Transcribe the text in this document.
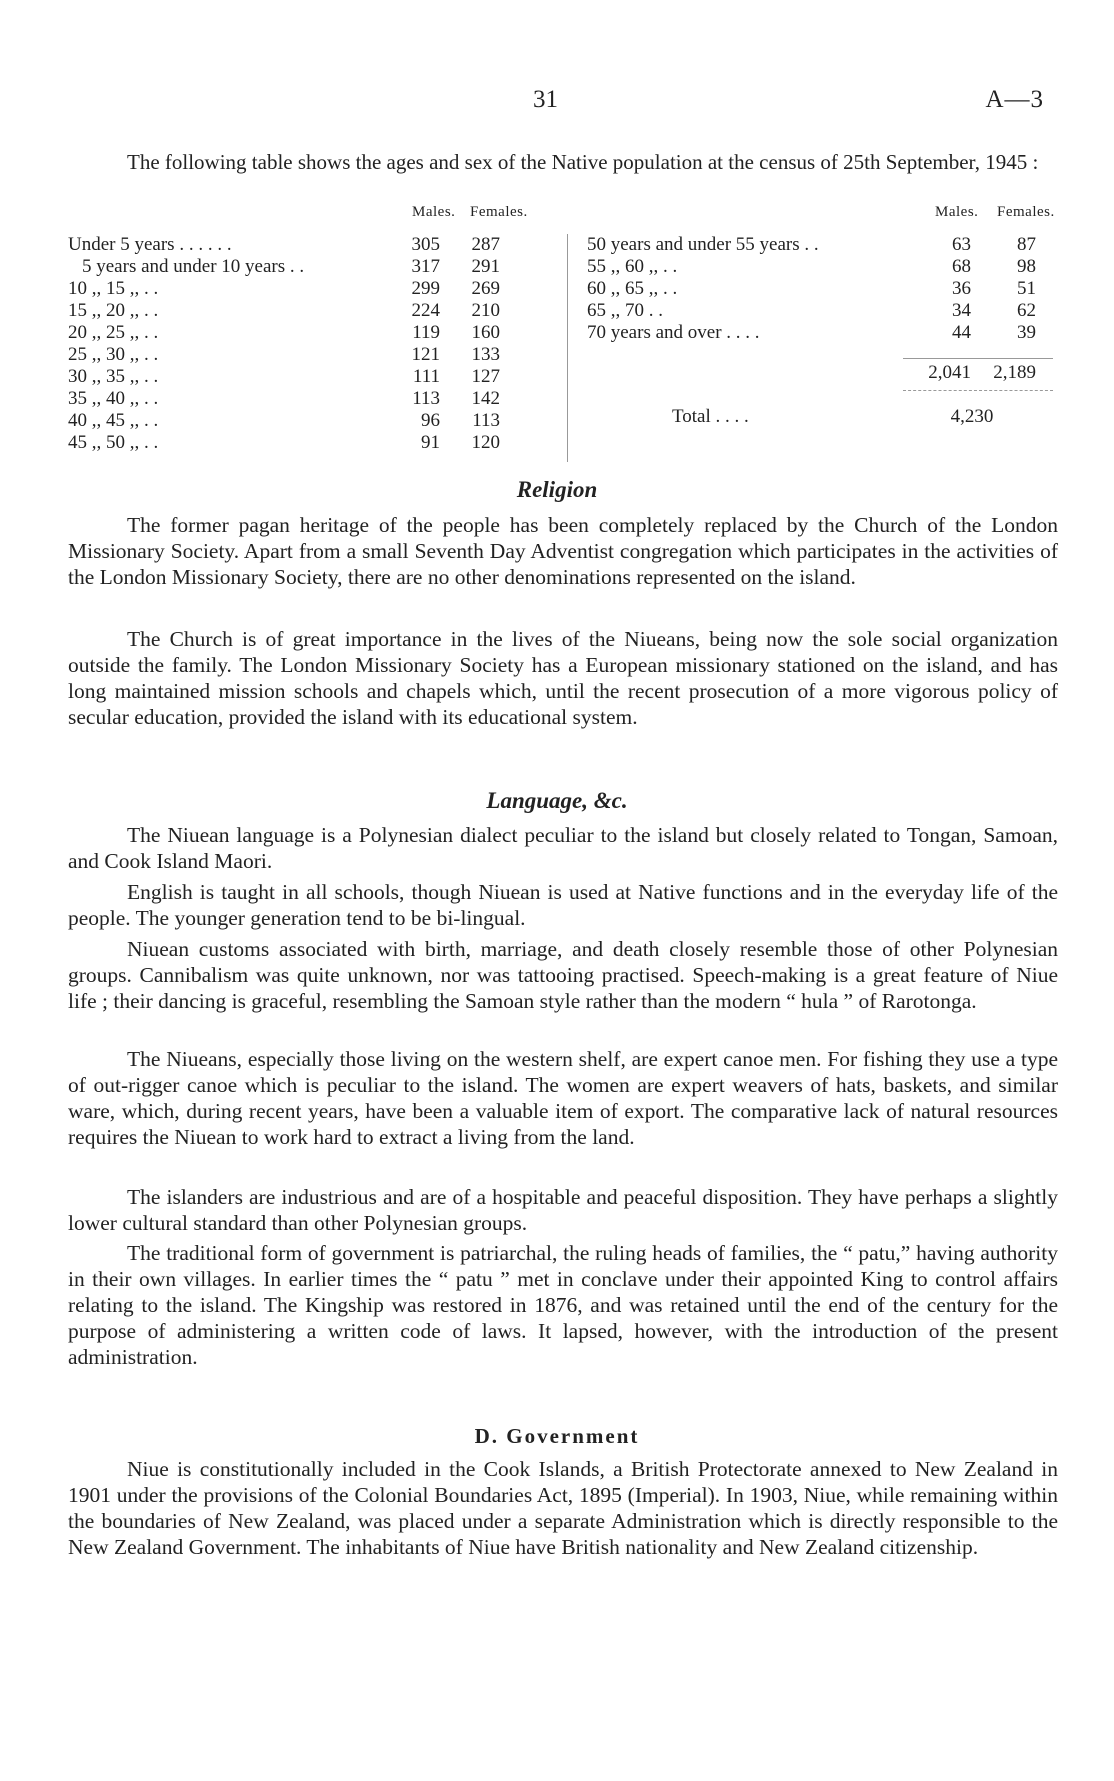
31	A—3

The following table shows the ages and sex of the Native population at the census of 25th September, 1945 :

Males. Females.	Males. Females.
Under 5 years . . . . . .	305	287
5 years and under 10 years . .	317	291
10 ,, 15 ,, . .	299	269
15 ,, 20 ,, . .	224	210
20 ,, 25 ,, . .	119	160
25 ,, 30 ,, . .	121	133
30 ,, 35 ,, . .	111	127
35 ,, 40 ,, . .	113	142
40 ,, 45 ,, . .	96	113
45 ,, 50 ,, . .	91	120
50 years and under 55 years . .	63	87
55 ,, 60 ,, . .	68	98
60 ,, 65 ,, . .	36	51
65 ,, 70 . .	34	62
70 years and over . . . .	44	39
2,041	2,189
Total . . . .	4,230
Religion

The former pagan heritage of the people has been completely replaced by the Church of the London Missionary Society. Apart from a small Seventh Day Adventist congregation which participates in the activities of the London Missionary Society, there are no other denominations represented on the island.

The Church is of great importance in the lives of the Niueans, being now the sole social organization outside the family. The London Missionary Society has a European missionary stationed on the island, and has long maintained mission schools and chapels which, until the recent prosecution of a more vigorous policy of secular education, provided the island with its educational system.

Language, &c.

The Niuean language is a Polynesian dialect peculiar to the island but closely related to Tongan, Samoan, and Cook Island Maori.

English is taught in all schools, though Niuean is used at Native functions and in the everyday life of the people. The younger generation tend to be bi-lingual.

Niuean customs associated with birth, marriage, and death closely resemble those of other Polynesian groups. Cannibalism was quite unknown, nor was tattooing practised. Speech-making is a great feature of Niue life ; their dancing is graceful, resembling the Samoan style rather than the modern “ hula ” of Rarotonga.

The Niueans, especially those living on the western shelf, are expert canoe men. For fishing they use a type of out-rigger canoe which is peculiar to the island. The women are expert weavers of hats, baskets, and similar ware, which, during recent years, have been a valuable item of export. The comparative lack of natural resources requires the Niuean to work hard to extract a living from the land.

The islanders are industrious and are of a hospitable and peaceful disposition. They have perhaps a slightly lower cultural standard than other Polynesian groups.

The traditional form of government is patriarchal, the ruling heads of families, the “ patu,” having authority in their own villages. In earlier times the “ patu ” met in conclave under their appointed King to control affairs relating to the island. The Kingship was restored in 1876, and was retained until the end of the century for the purpose of administering a written code of laws. It lapsed, however, with the introduction of the present administration.

D. Government

Niue is constitutionally included in the Cook Islands, a British Protectorate annexed to New Zealand in 1901 under the provisions of the Colonial Boundaries Act, 1895 (Imperial). In 1903, Niue, while remaining within the boundaries of New Zealand, was placed under a separate Administration which is directly responsible to the New Zealand Government. The inhabitants of Niue have British nationality and New Zealand citizenship.
